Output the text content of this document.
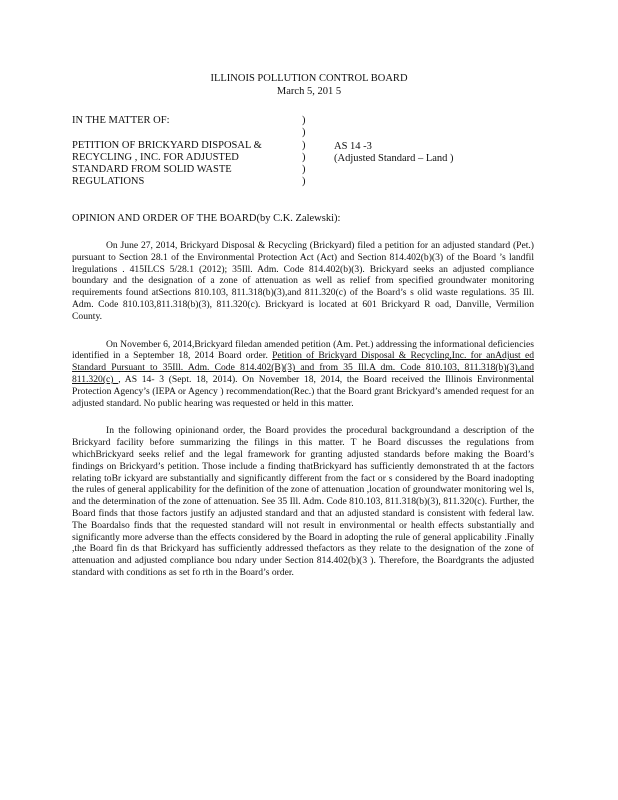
ILLINOIS POLLUTION CONTROL BOARD
March 5, 201 5
IN THE MATTER OF:
PETITION OF BRICKYARD DISPOSAL &
RECYCLING , INC. FOR ADJUSTED
STANDARD FROM SOLID WASTE
REGULATIONS
)
)
)
)
)
)
AS 14 -3
(Adjusted Standard – Land )
OPINION AND ORDER OF THE BOARD(by C.K. Zalewski):

On June 27, 2014, Brickyard Disposal & Recycling (Brickyard) filed a petition for an adjusted standard (Pet.) pursuant to Section 28.1 of the Environmental Protection Act (Act) and Section 814.402(b)(3) of the Board ’s landfil lregulations . 415ILCS 5/28.1 (2012); 35Ill. Adm. Code 814.402(b)(3). Brickyard seeks an adjusted compliance boundary and the designation of a zone of attenuation as well as relief from specified groundwater monitoring requirements found atSections 810.103, 811.318(b)(3),and 811.320(c) of the Board’s s olid waste regulations. 35 Ill. Adm. Code 810.103,811.318(b)(3), 811.320(c). Brickyard is located at 601 Brickyard R oad, Danville, Vermilion County.

On November 6, 2014,Brickyard filedan amended petition (Am. Pet.) addressing the informational deficiencies identified in a September 18, 2014 Board order. Petition of Brickyard Disposal & Recycling,Inc. for anAdjust ed Standard Pursuant to 35Ill. Adm. Code 814.402(B)(3) and from 35 Ill.A dm. Code 810.103, 811.318(b)(3),and 811.320(c) , AS 14- 3 (Sept. 18, 2014). On November 18, 2014, the Board received the Illinois Environmental Protection Agency’s (IEPA or Agency ) recommendation(Rec.) that the Board grant Brickyard’s amended request for an adjusted standard. No public hearing was requested or held in this matter.

In the following opinionand order, the Board provides the procedural backgroundand a description of the Brickyard facility before summarizing the filings in this matter. T he Board discusses the regulations from whichBrickyard seeks relief and the legal framework for granting adjusted standards before making the Board’s findings on Brickyard’s petition. Those include a finding thatBrickyard has sufficiently demonstrated th at the factors relating toBr ickyard are substantially and significantly different from the fact or s considered by the Board inadopting the rules of general applicability for the definition of the zone of attenuation ,location of groundwater monitoring wel ls, and the determination of the zone of attenuation. See 35 Ill. Adm. Code 810.103, 811.318(b)(3), 811.320(c). Further, the Board finds that those factors justify an adjusted standard and that an adjusted standard is consistent with federal law. The Boardalso finds that the requested standard will not result in environmental or health effects substantially and significantly more adverse than the effects considered by the Board in adopting the rule of general applicability .Finally ,the Board fin ds that Brickyard has sufficiently addressed thefactors as they relate to the designation of the zone of attenuation and adjusted compliance bou ndary under Section 814.402(b)(3 ). Therefore, the Boardgrants the adjusted standard with conditions as set fo rth in the Board’s order.
